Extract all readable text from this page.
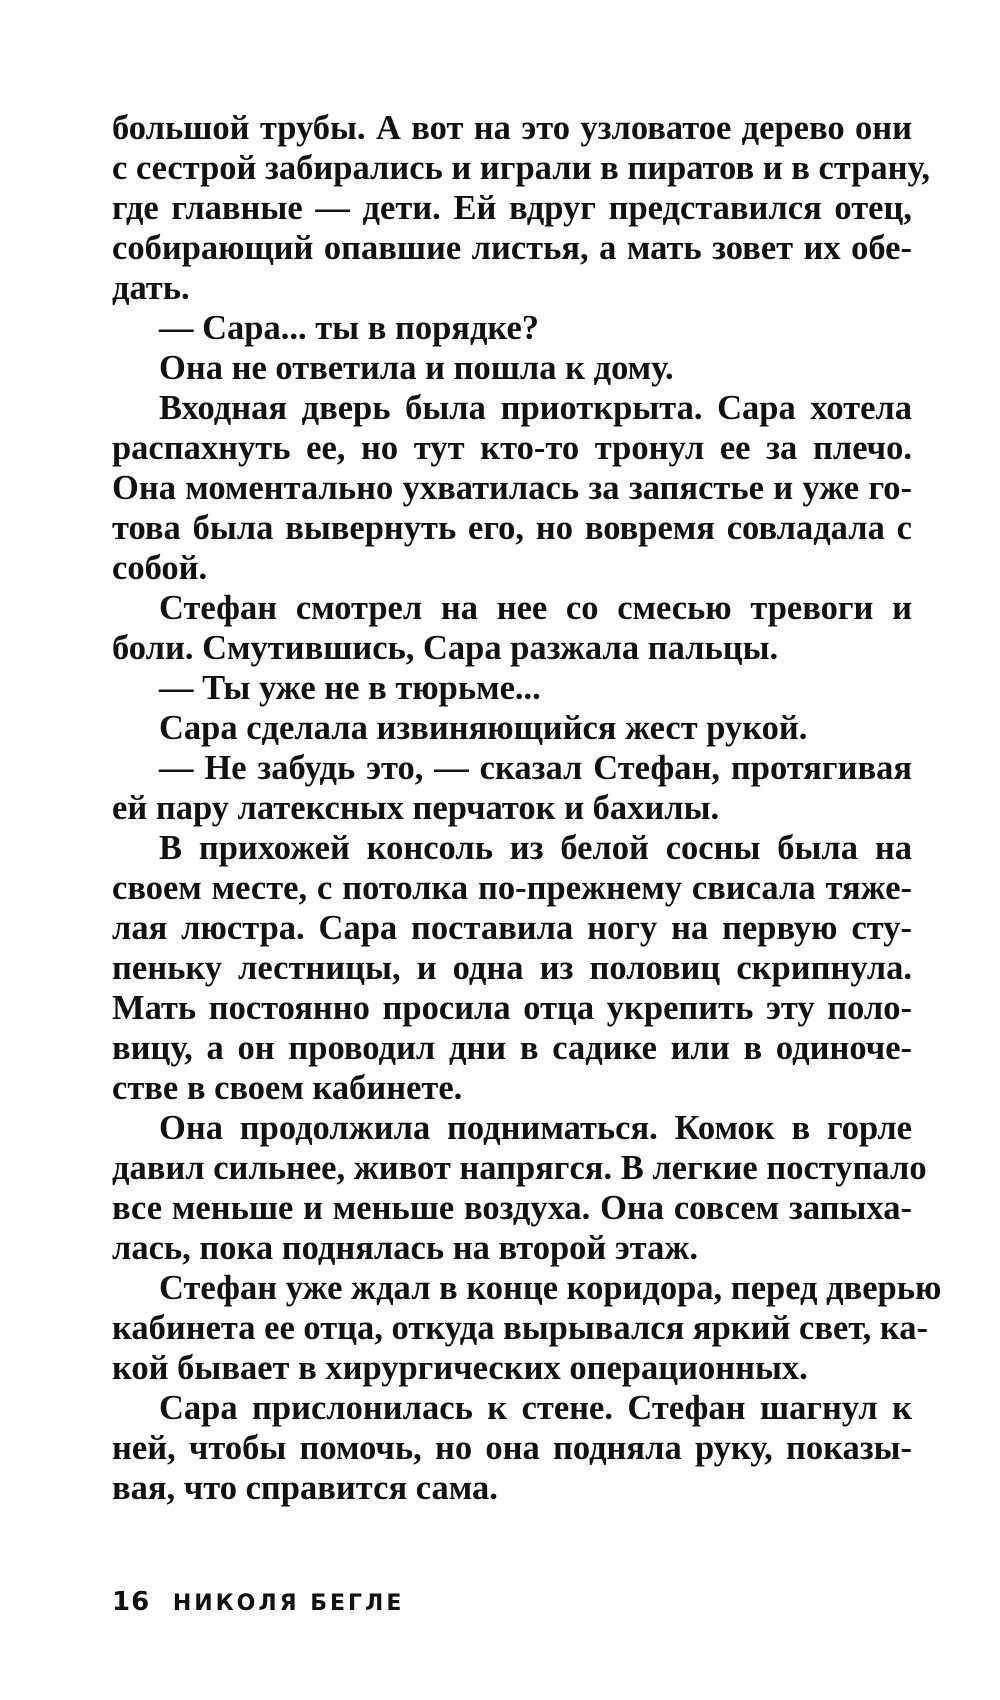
большой трубы. А вот на это узловатое дерево они
с сестрой забирались и играли в пиратов и в страну,
где главные — дети. Ей вдруг представился отец,
собирающий опавшие листья, а мать зовет их обе-
дать.
— Сара... ты в порядке?
Она не ответила и пошла к дому.
Входная дверь была приоткрыта. Сара хотела
распахнуть ее, но тут кто-то тронул ее за плечо.
Она моментально ухватилась за запястье и уже го-
това была вывернуть его, но вовремя совладала с
собой.
Стефан смотрел на нее со смесью тревоги и
боли. Смутившись, Сара разжала пальцы.
— Ты уже не в тюрьме...
Сара сделала извиняющийся жест рукой.
— Не забудь это, — сказал Стефан, протягивая
ей пару латексных перчаток и бахилы.
В прихожей консоль из белой сосны была на
своем месте, с потолка по-прежнему свисала тяже-
лая люстра. Сара поставила ногу на первую сту-
пеньку лестницы, и одна из половиц скрипнула.
Мать постоянно просила отца укрепить эту поло-
вицу, а он проводил дни в садике или в одиноче-
стве в своем кабинете.
Она продолжила подниматься. Комок в горле
давил сильнее, живот напрягся. В легкие поступало
все меньше и меньше воздуха. Она совсем запыха-
лась, пока поднялась на второй этаж.
Стефан уже ждал в конце коридора, перед дверью
кабинета ее отца, откуда вырывался яркий свет, ка-
кой бывает в хирургических операционных.
Сара прислонилась к стене. Стефан шагнул к
ней, чтобы помочь, но она подняла руку, показы-
вая, что справится сама.
16 НИКОЛЯ БЕГЛЕ
